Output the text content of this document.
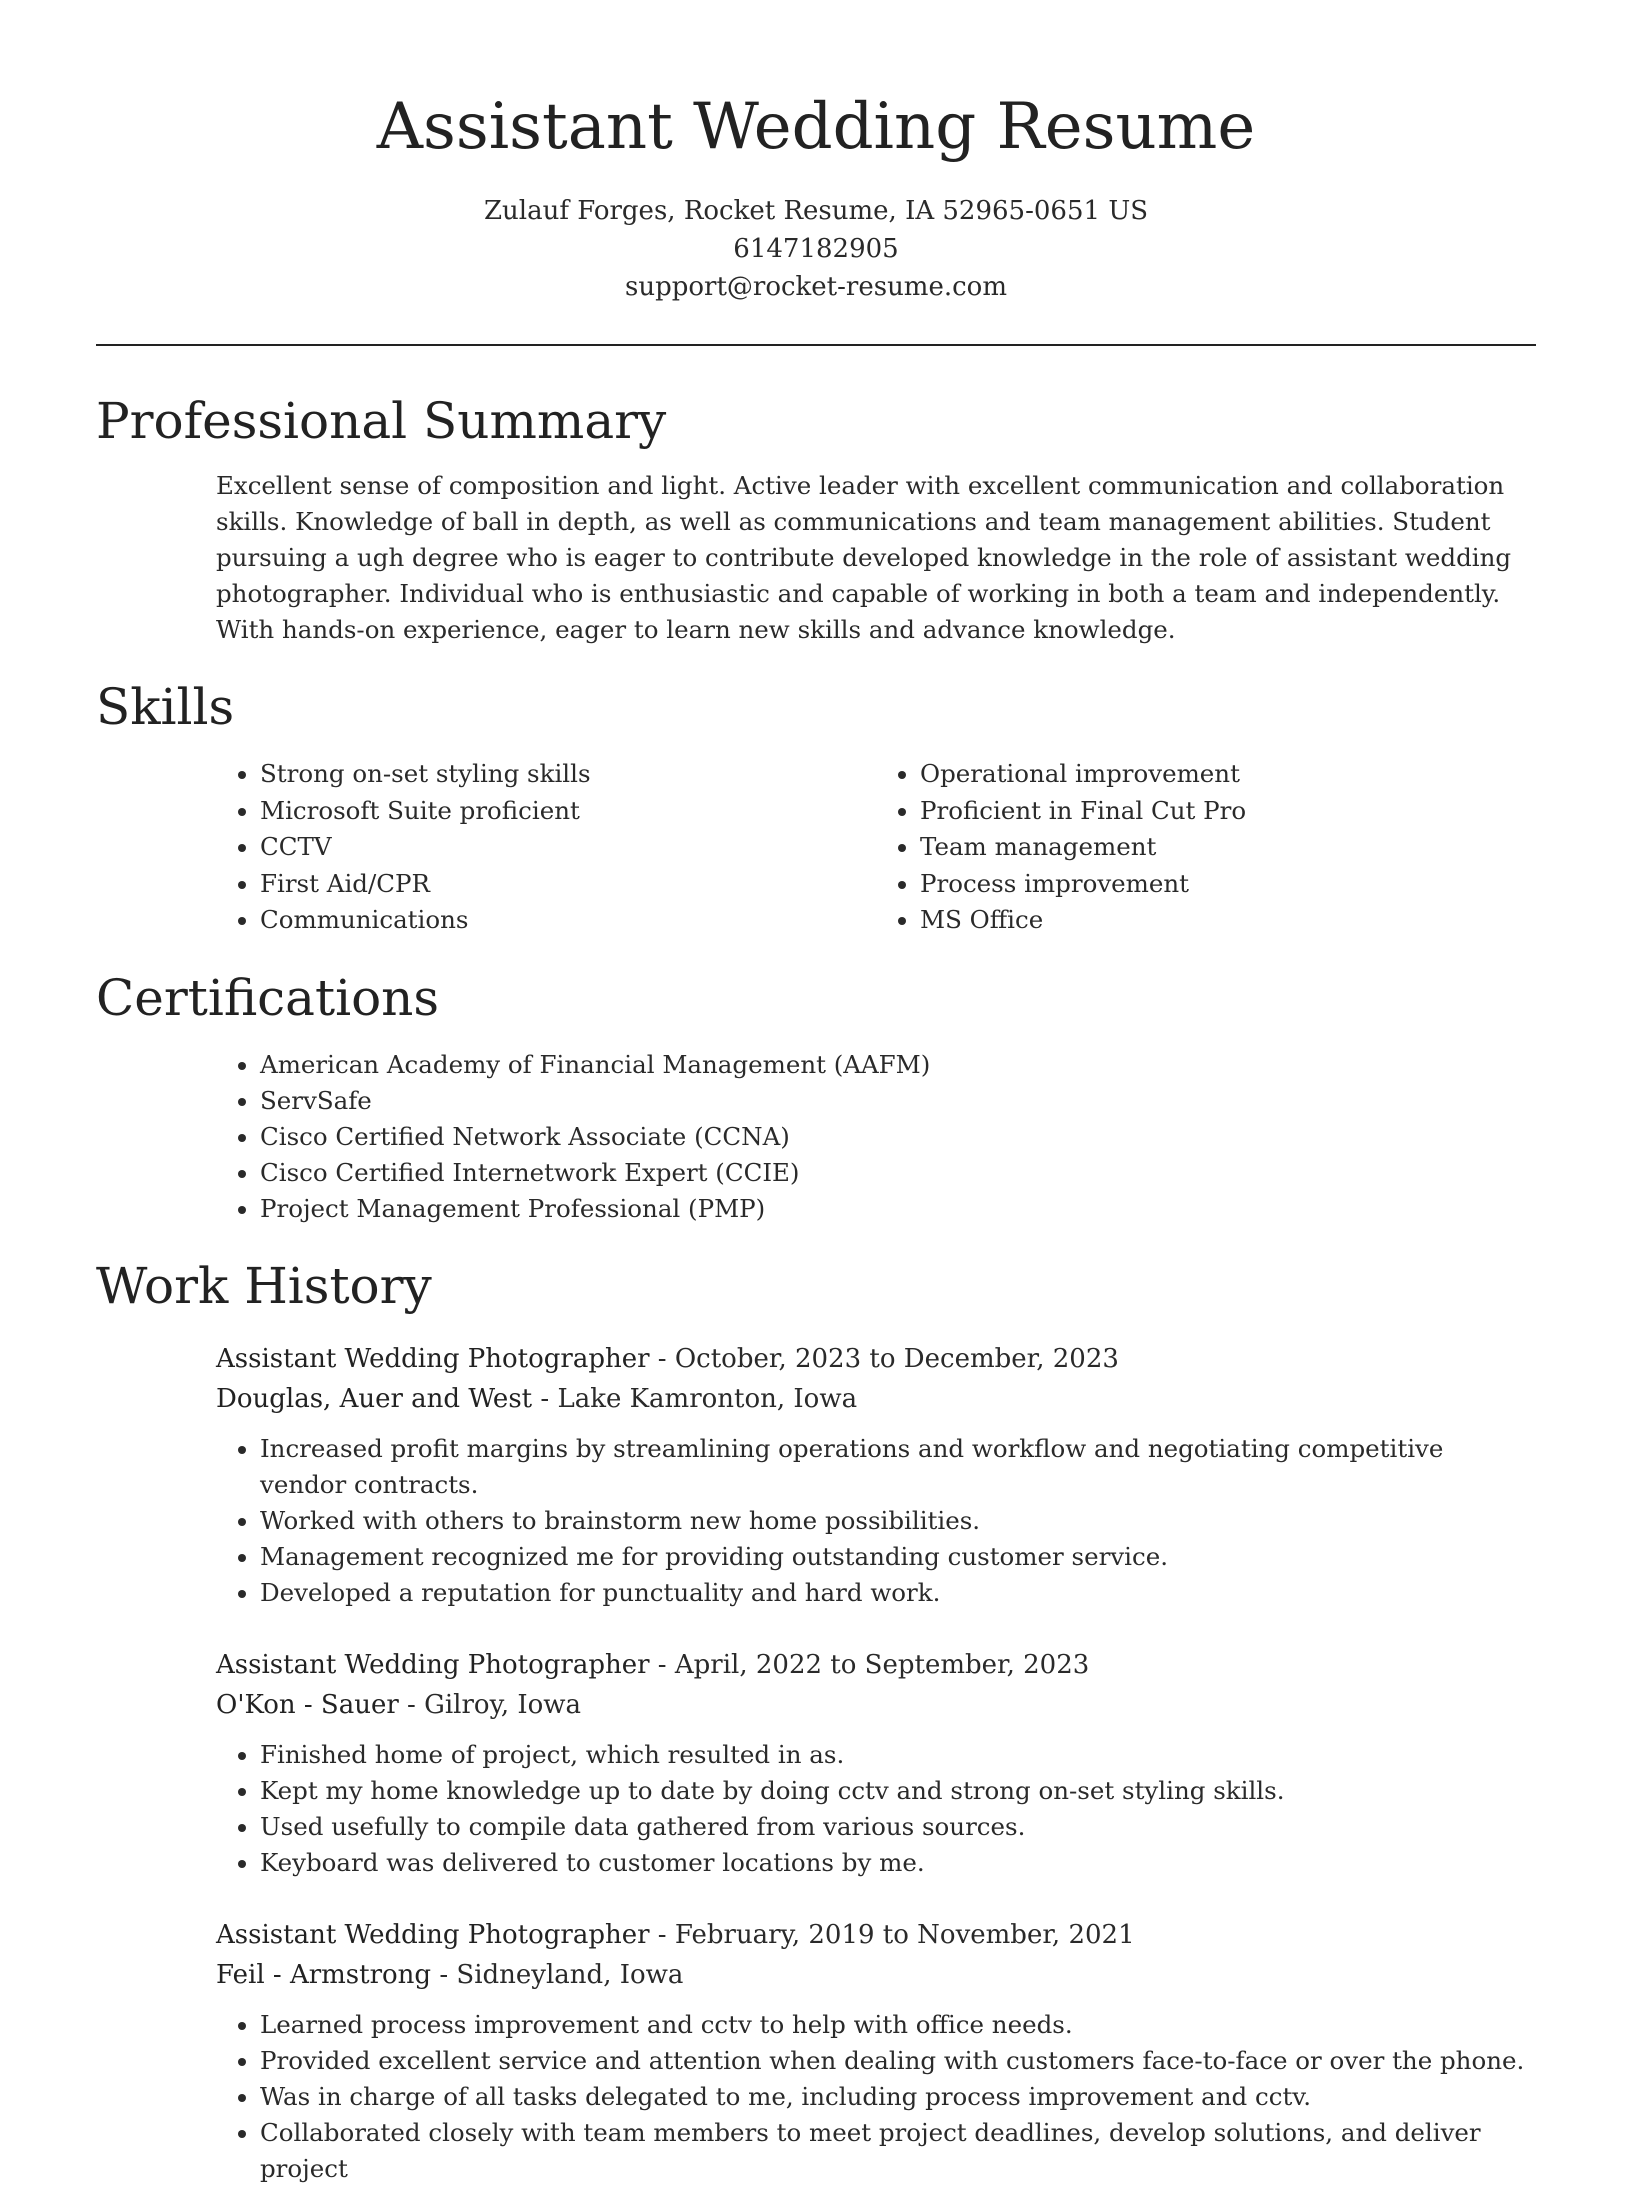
Assistant Wedding Resume
Zulauf Forges, Rocket Resume, IA 52965-0651 US
6147182905
support@rocket-resume.com
Professional Summary

Excellent sense of composition and light. Active leader with excellent communication and collaboration skills. Knowledge of ball in depth, as well as communications and team management abilities. Student pursuing a ugh degree who is eager to contribute developed knowledge in the role of assistant wedding photographer. Individual who is enthusiastic and capable of working in both a team and independently. With hands-on experience, eager to learn new skills and advance knowledge.

Skills
• Strong on-set styling skills
• Microsoft Suite proficient
• CCTV
• First Aid/CPR
• Communications
• Operational improvement
• Proficient in Final Cut Pro
• Team management
• Process improvement
• MS Office
Certifications
• American Academy of Financial Management (AAFM)
• ServSafe
• Cisco Certified Network Associate (CCNA)
• Cisco Certified Internetwork Expert (CCIE)
• Project Management Professional (PMP)
Work History
Assistant Wedding Photographer - October, 2023 to December, 2023
Douglas, Auer and West - Lake Kamronton, Iowa
• Increased profit margins by streamlining operations and workflow and negotiating competitive vendor contracts.
• Worked with others to brainstorm new home possibilities.
• Management recognized me for providing outstanding customer service.
• Developed a reputation for punctuality and hard work.
Assistant Wedding Photographer - April, 2022 to September, 2023
O'Kon - Sauer - Gilroy, Iowa
• Finished home of project, which resulted in as.
• Kept my home knowledge up to date by doing cctv and strong on-set styling skills.
• Used usefully to compile data gathered from various sources.
• Keyboard was delivered to customer locations by me.
Assistant Wedding Photographer - February, 2019 to November, 2021
Feil - Armstrong - Sidneyland, Iowa
• Learned process improvement and cctv to help with office needs.
• Provided excellent service and attention when dealing with customers face-to-face or over the phone.
• Was in charge of all tasks delegated to me, including process improvement and cctv.
• Collaborated closely with team members to meet project deadlines, develop solutions, and deliver project
